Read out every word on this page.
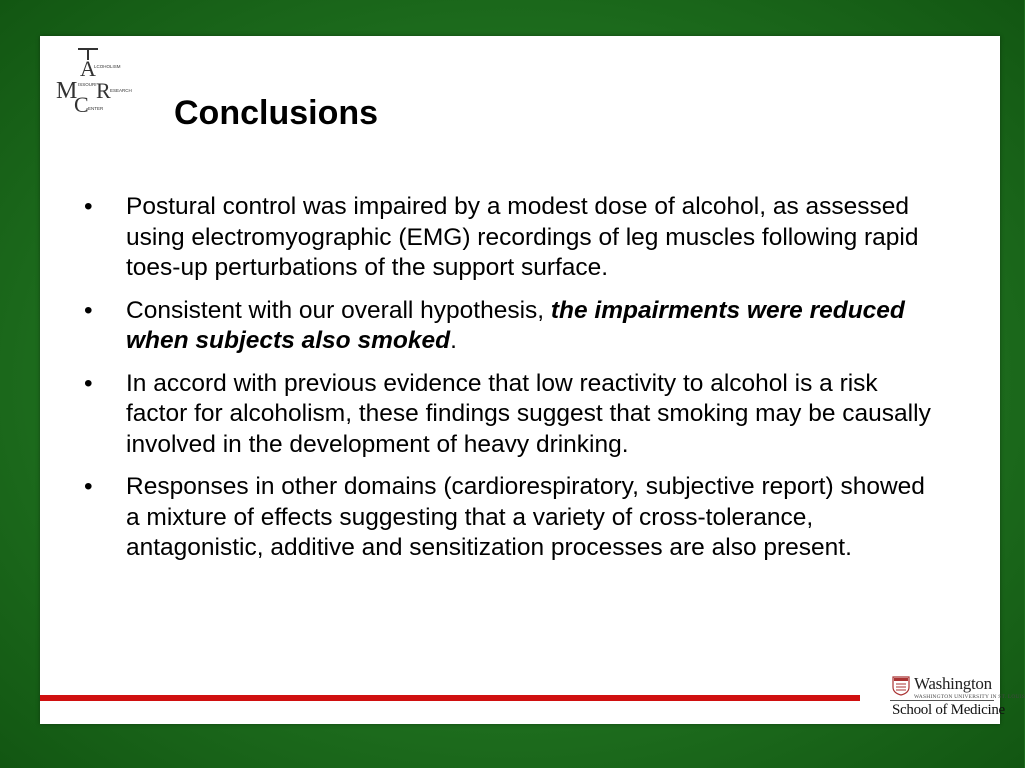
A
M R
C
LCOHOLISM
ISSOURI
ESEARCH
ENTER Conclusions
•	Postural control was impaired by a modest dose of alcohol, as assessed using electromyographic (EMG) recordings of leg muscles following rapid toes-up perturbations of the support surface.
•	Consistent with our overall hypothesis, the impairments were reduced when subjects also smoked.
•	In accord with previous evidence that low reactivity to alcohol is a risk factor for alcoholism, these findings suggest that smoking may be causally involved in the development of heavy drinking.
•	Responses in other domains (cardiorespiratory, subjective report) showed a mixture of effects suggesting that a variety of cross-tolerance, antagonistic, additive and sensitization processes are also present.
Washington
WASHINGTON UNIVERSITY IN ST. LOUIS
School of Medicine
